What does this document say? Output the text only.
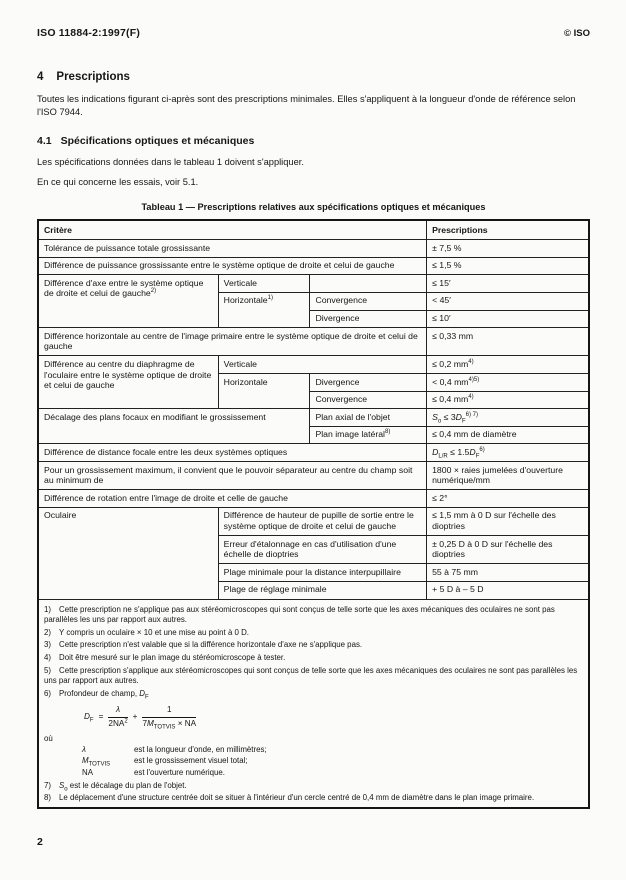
ISO 11884-2:1997(F)	© ISO
4 Prescriptions

Toutes les indications figurant ci-après sont des prescriptions minimales. Elles s'appliquent à la longueur d'onde de référence selon l'ISO 7944.

4.1 Spécifications optiques et mécaniques

Les spécifications données dans le tableau 1 doivent s'appliquer.

En ce qui concerne les essais, voir 5.1.

Tableau 1 — Prescriptions relatives aux spécifications optiques et mécaniques
Critère			Prescriptions
Tolérance de puissance totale grossissante			± 7,5 %
Différence de puissance grossissante entre le système optique de droite et celui de gauche			≤ 1,5 %
Différence d'axe entre le système optique de droite et celui de gauche$^{2)}$	Verticale		≤ 15′
	Horizontale$^{1)}$	Convergence	< 45′
		Divergence	≤ 10′
Différence horizontale au centre de l'image primaire entre le système optique de droite et celui de gauche			≤ 0,33 mm
Différence au centre du diaphragme de l'oculaire entre le système optique de droite et celui de gauche	Verticale		≤ 0,2 $mm^{4)}$
	Horizontale	Divergence	< 0,4 $mm^{4)5)}$
		Convergence	≤ 0,4 $mm^{4)}$
Décalage des plans focaux en modifiant le grossissement		Plan axial de l'objet	$S_o \le 3D_F^{6) 7)}$
		Plan image latéral$^{8)}$	≤ 0,4 mm de diamètre
Différence de distance focale entre les deux systèmes optiques			$D_{L/R} \le 1.5D_F^{6)}$
Pour un grossissement maximum, il convient que le pouvoir séparateur au centre du champ soit au minimum de			1800 × raies jumelées d'ouverture numérique/mm
Différence de rotation entre l'image de droite et celle de gauche			≤ 2°
Oculaire	Différence de hauteur de pupille de sortie entre le système optique de droite et celui de gauche		≤ 1,5 mm à 0 D sur l'échelle des dioptries
	Erreur d'étalonnage en cas d'utilisation d'une échelle de dioptries		± 0,25 D à 0 D sur l'échelle des dioptries
	Plage minimale pour la distance interpupillaire		55 à 75 mm
	Plage de réglage minimale		+ 5 D à – 5 D

1) Cette prescription ne s'applique pas aux stéréomicroscopes qui sont conçus de telle sorte que les axes mécaniques des oculaires ne sont pas parallèles les uns par rapport aux autres.
2) Y compris un oculaire × 10 et une mise au point à 0 D.
3) Cette prescription n'est valable que si la différence horizontale d'axe ne s'applique pas.
4) Doit être mesuré sur le plan image du stéréomicroscope à tester.
5) Cette prescription s'applique aux stéréomicroscopes qui sont conçus de telle sorte que les axes mécaniques des oculaires ne sont pas parallèles les uns par rapport aux autres.
6) Profondeur de champ, $D_F$
$D_F = \frac{\lambda}{2NA^2} + \frac{1}{7M_{TOTVIS} \times NA}$
où
λ	est la longueur d'onde, en millimètres;
$M_{TOTVIS}$	est le grossissement visuel total;
NA	est l'ouverture numérique.
7) $S_o$ est le décalage du plan de l'objet.
8) Le déplacement d'une structure centrée doit se situer à l'intérieur d'un cercle centré de 0,4 mm de diamètre dans le plan image primaire.
2
